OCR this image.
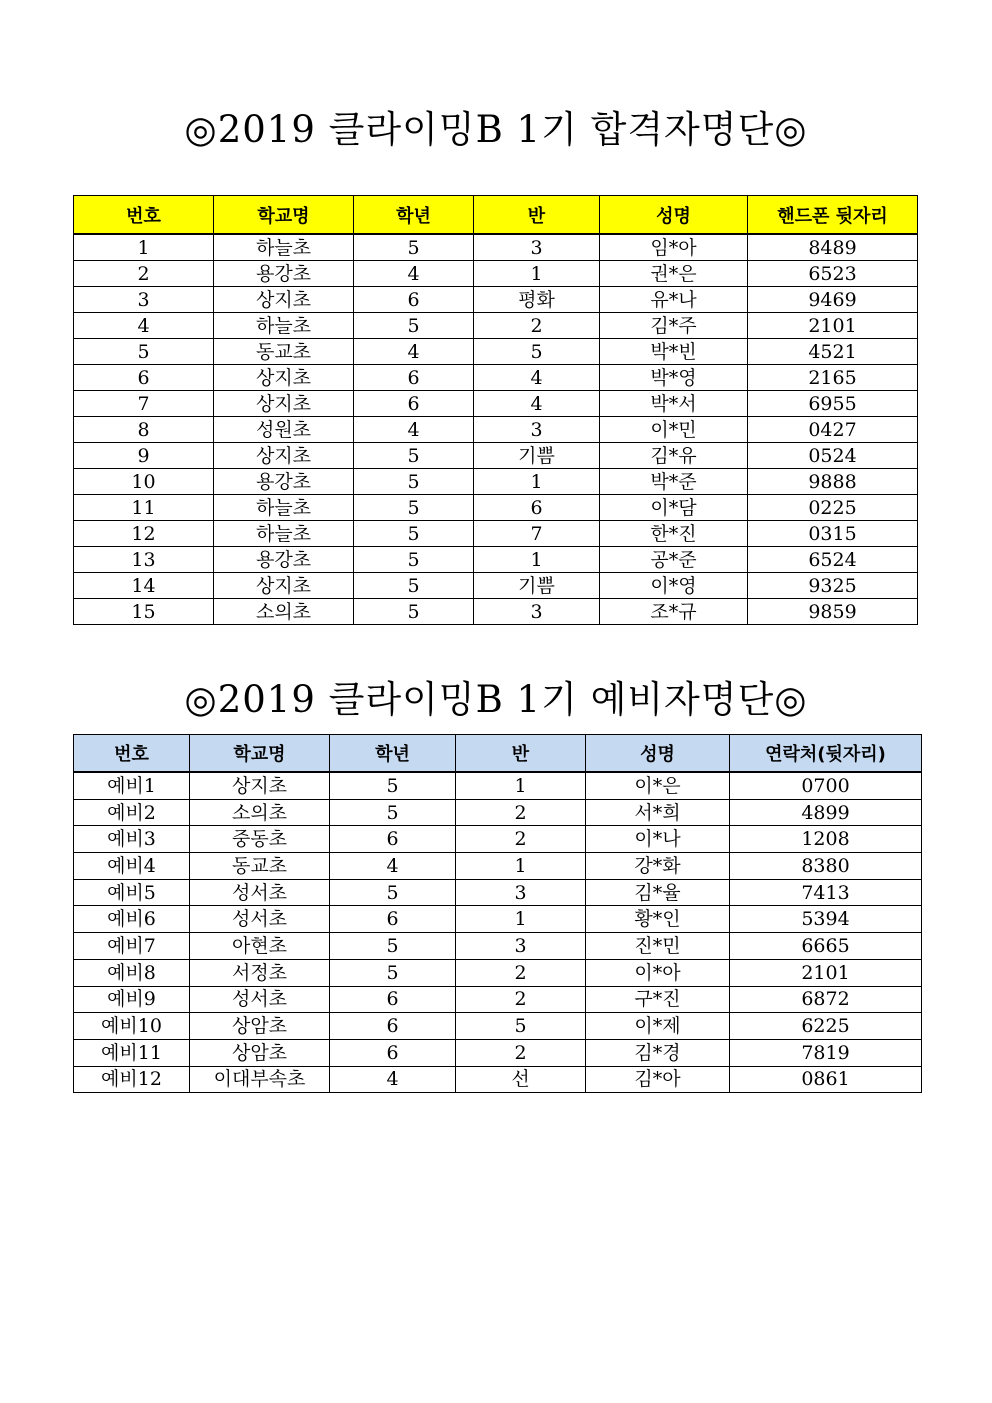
◎2019 클라이밍B 1기 합격자명단◎
번호	학교명	학년	반	성명	핸드폰 뒷자리
1	하늘초	5	3	임*아	8489
2	용강초	4	1	권*은	6523
3	상지초	6	평화	유*나	9469
4	하늘초	5	2	김*주	2101
5	동교초	4	5	박*빈	4521
6	상지초	6	4	박*영	2165
7	상지초	6	4	박*서	6955
8	성원초	4	3	이*민	0427
9	상지초	5	기쁨	김*유	0524
10	용강초	5	1	박*준	9888
11	하늘초	5	6	이*담	0225
12	하늘초	5	7	한*진	0315
13	용강초	5	1	공*준	6524
14	상지초	5	기쁨	이*영	9325
15	소의초	5	3	조*규	9859
◎2019 클라이밍B 1기 예비자명단◎
번호	학교명	학년	반	성명	연락처(뒷자리)
예비1	상지초	5	1	이*은	0700
예비2	소의초	5	2	서*희	4899
예비3	중동초	6	2	이*나	1208
예비4	동교초	4	1	강*화	8380
예비5	성서초	5	3	김*율	7413
예비6	성서초	6	1	황*인	5394
예비7	아현초	5	3	진*민	6665
예비8	서정초	5	2	이*아	2101
예비9	성서초	6	2	구*진	6872
예비10	상암초	6	5	이*제	6225
예비11	상암초	6	2	김*경	7819
예비12	이대부속초	4	선	김*아	0861
